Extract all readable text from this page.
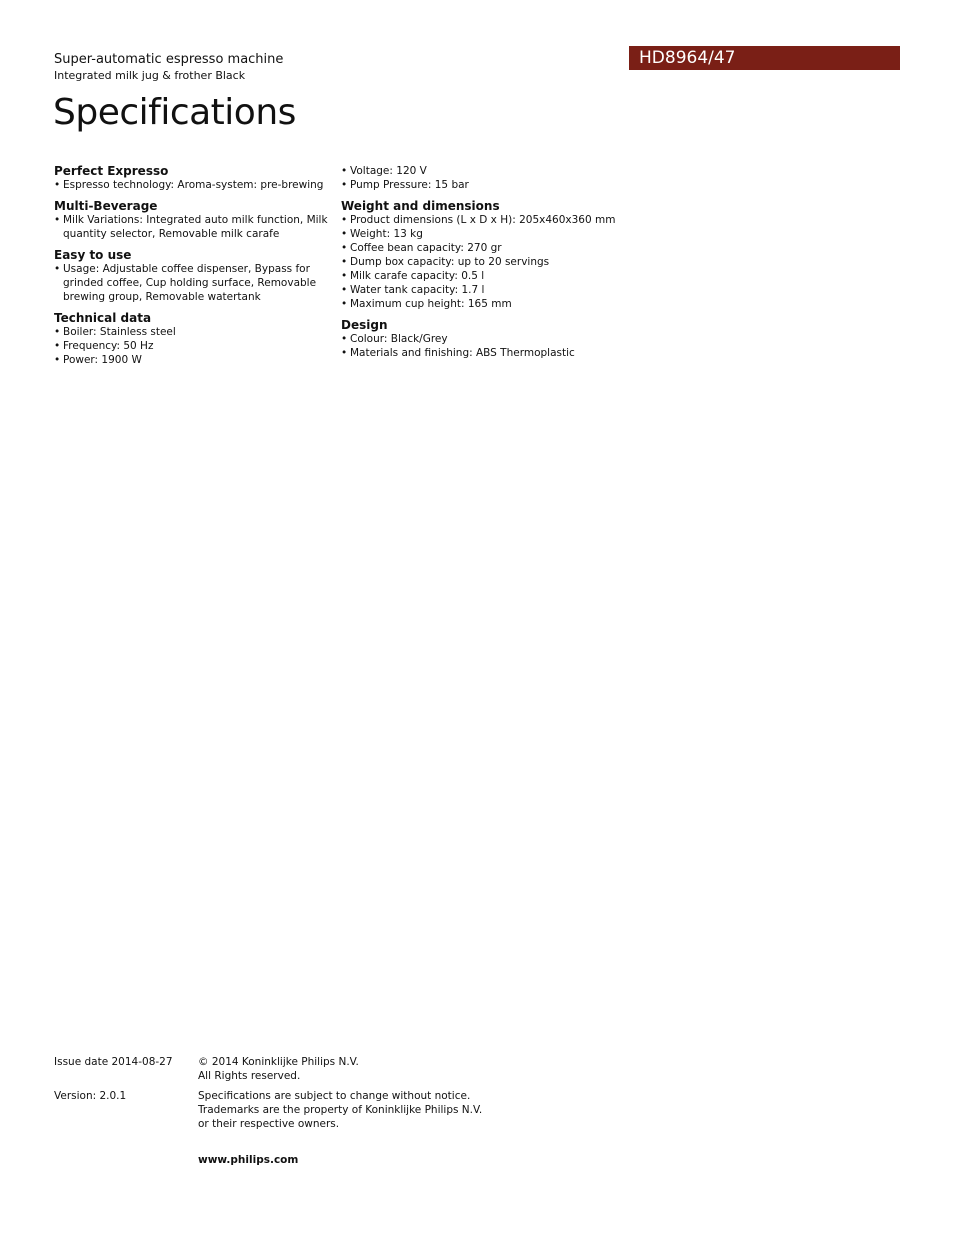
Super-automatic espresso machine
Integrated milk jug & frother Black
HD8964/47
Specifications
Perfect Expresso
• Espresso technology: Aroma-system: pre-brewing
Multi-Beverage
• Milk Variations: Integrated auto milk function, Milk quantity selector, Removable milk carafe
Easy to use
• Usage: Adjustable coffee dispenser, Bypass for grinded coffee, Cup holding surface, Removable brewing group, Removable watertank
Technical data
• Boiler: Stainless steel
• Frequency: 50 Hz
• Power: 1900 W
• Voltage: 120 V
• Pump Pressure: 15 bar
Weight and dimensions
• Product dimensions (L x D x H): 205x460x360 mm
• Weight: 13 kg
• Coffee bean capacity: 270 gr
• Dump box capacity: up to 20 servings
• Milk carafe capacity: 0.5 l
• Water tank capacity: 1.7 l
• Maximum cup height: 165 mm
Design
• Colour: Black/Grey
• Materials and finishing: ABS Thermoplastic
Issue date 2014-08-27 © 2014 Koninklijke Philips N.V.
All Rights reserved.
Version: 2.0.1	Specifications are subject to change without notice.
Trademarks are the property of Koninklijke Philips N.V.
or their respective owners.
www.philips.com
